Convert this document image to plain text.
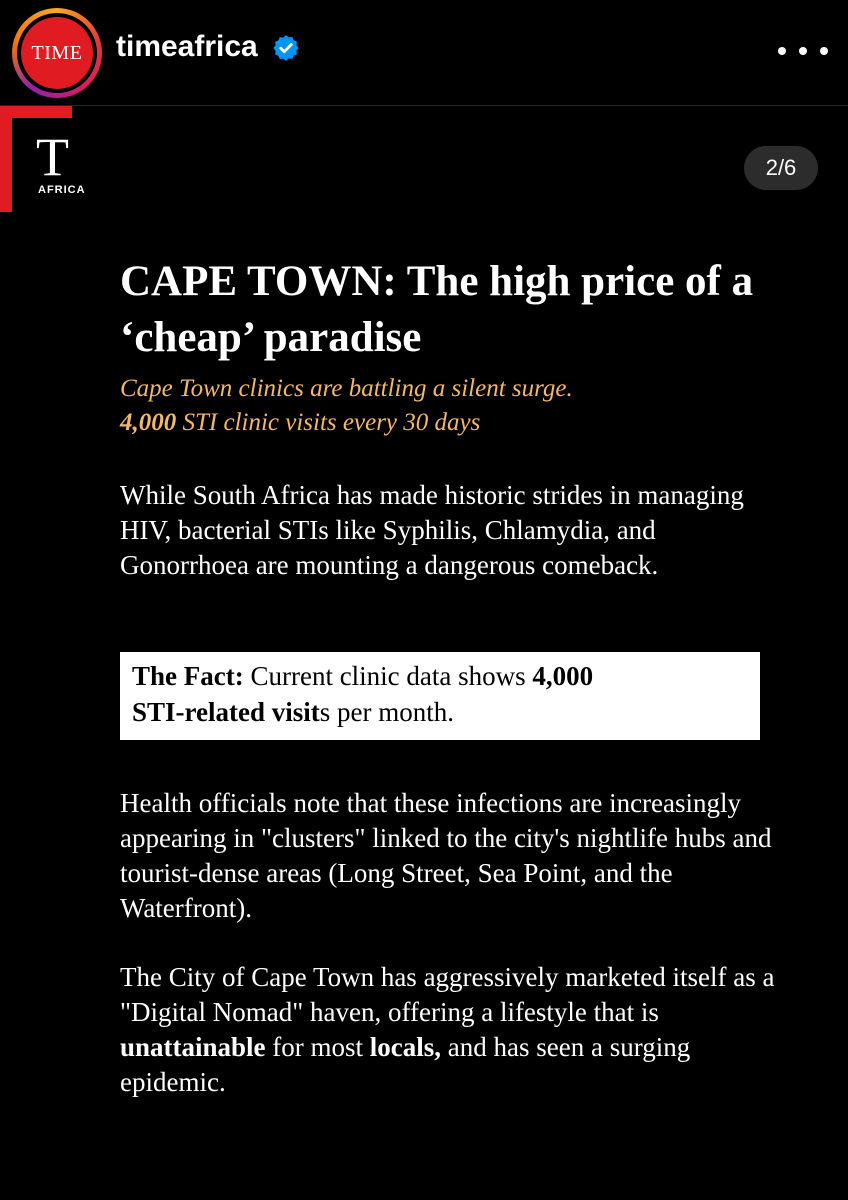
TIME timeafrica
T
AFRICA
2/6
CAPE TOWN: The high price of a ‘cheap’ paradise
Cape Town clinics are battling a silent surge.
4,000 STI clinic visits every 30 days

While South Africa has made historic strides in managing HIV, bacterial STIs like Syphilis, Chlamydia, and Gonorrhoea are mounting a dangerous comeback.

The Fact: Current clinic data shows 4,000
STI-related visits per month.

Health officials note that these infections are increasingly appearing in "clusters" linked to the city's nightlife hubs and tourist-dense areas (Long Street, Sea Point, and the Waterfront).

The City of Cape Town has aggressively marketed itself as a "Digital Nomad" haven, offering a lifestyle that is unattainable for most locals, and has seen a surging epidemic.
